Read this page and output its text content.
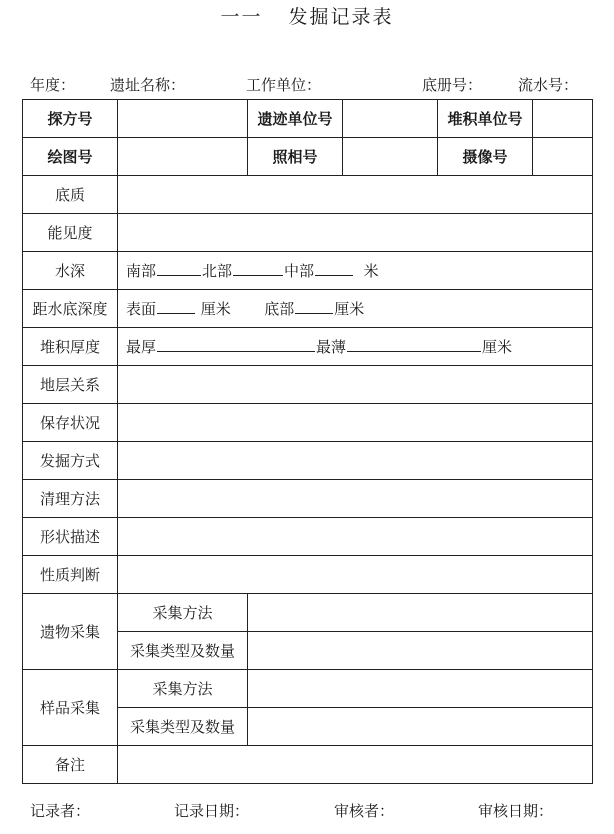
一一 发掘记录表
年度： 遗址名称：	工作单位：	底册号： 流水号：
探方号		遗迹单位号		堆积单位号	
绘图号		照相号		摄像号	
底质					
能见度					
水深	南部 北部 中部 米				
距水底深度	表面 厘米 底部 厘米				
堆积厚度	最厚 最薄 厘米				
地层关系					
保存状况					
发掘方式					
清理方法					
形状描述					
性质判断					
遗物采集	采集方法				
	采集类型及数量				
样品采集	采集方法				
	采集类型及数量				
备注					
记录者：	记录日期：	审核者：	审核日期：
